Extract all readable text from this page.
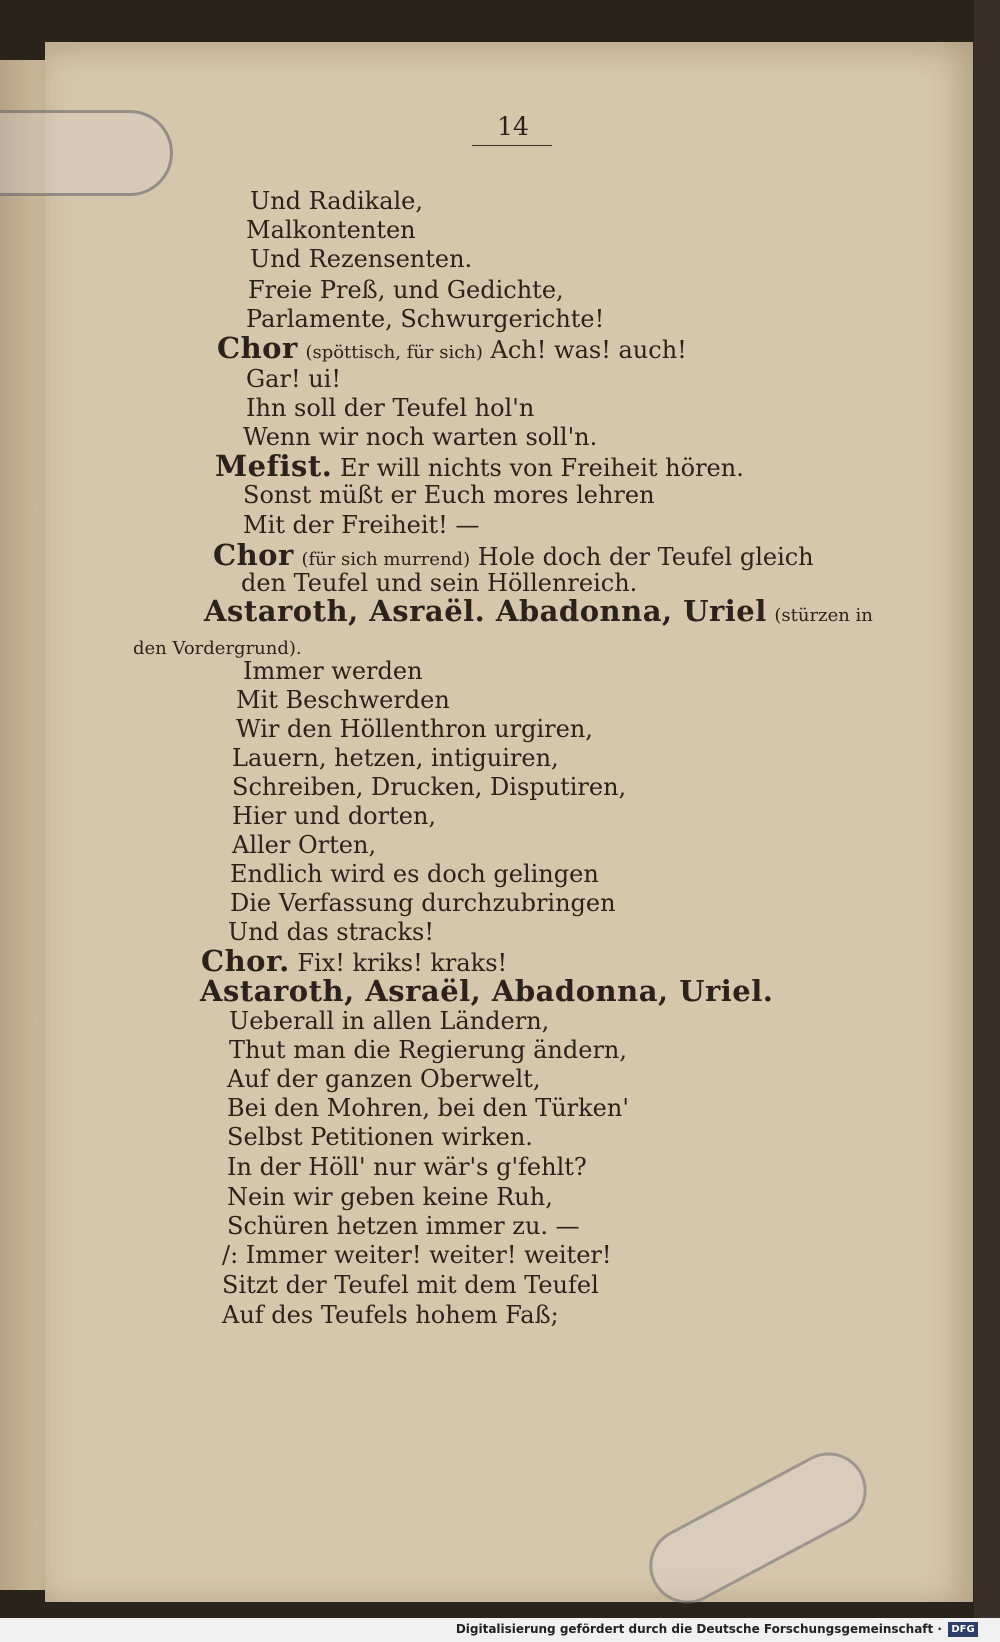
14
Und Radikale,
Malkontenten
Und Rezensenten.
Freie Preß, und Gedichte,
Parlamente, Schwurgerichte!
Chor (spöttisch, für sich) Ach! was! auch!
Gar! ui!
Ihn soll der Teufel hol'n
Wenn wir noch warten soll'n.
Mefist. Er will nichts von Freiheit hören.
Sonst müßt er Euch mores lehren
Mit der Freiheit! —
Chor (für sich murrend) Hole doch der Teufel gleich
den Teufel und sein Höllenreich.
Astaroth, Asraël. Abadonna, Uriel (stürzen in
den Vordergrund).
Immer werden
Mit Beschwerden
Wir den Höllenthron urgiren,
Lauern, hetzen, intiguiren,
Schreiben, Drucken, Disputiren,
Hier und dorten,
Aller Orten,
Endlich wird es doch gelingen
Die Verfassung durchzubringen
Und das stracks!
Chor. Fix! kriks! kraks!
Astaroth, Asraël, Abadonna, Uriel.
Ueberall in allen Ländern,
Thut man die Regierung ändern,
Auf der ganzen Oberwelt,
Bei den Mohren, bei den Türken'
Selbst Petitionen wirken.
In der Höll' nur wär's g'fehlt?
Nein wir geben keine Ruh,
Schüren hetzen immer zu. —
/: Immer weiter! weiter! weiter!
Sitzt der Teufel mit dem Teufel
Auf des Teufels hohem Faß;
Digitalisierung gefördert durch die Deutsche Forschungsgemeinschaft · DFG
